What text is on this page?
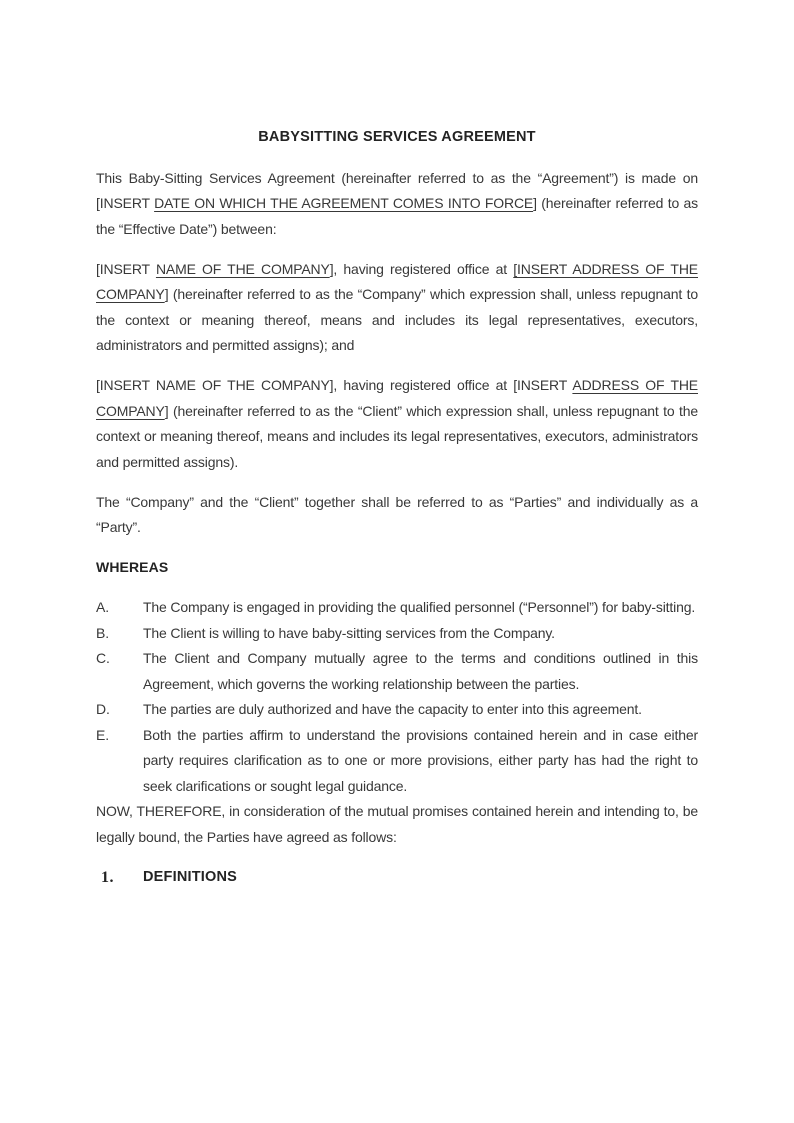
BABYSITTING SERVICES AGREEMENT

This Baby-Sitting Services Agreement (hereinafter referred to as the “Agreement”) is made on [INSERT DATE ON WHICH THE AGREEMENT COMES INTO FORCE] (hereinafter referred to as the “Effective Date”) between:

[INSERT NAME OF THE COMPANY], having registered office at [INSERT ADDRESS OF THE COMPANY] (hereinafter referred to as the “Company” which expression shall, unless repugnant to the context or meaning thereof, means and includes its legal representatives, executors, administrators and permitted assigns); and

[INSERT NAME OF THE COMPANY], having registered office at [INSERT ADDRESS OF THE COMPANY] (hereinafter referred to as the “Client” which expression shall, unless repugnant to the context or meaning thereof, means and includes its legal representatives, executors, administrators and permitted assigns).

The “Company” and the “Client” together shall be referred to as “Parties” and individually as a “Party”.

WHEREAS
A.	The Company is engaged in providing the qualified personnel (“Personnel”) for baby-sitting.
B.	The Client is willing to have baby-sitting services from the Company.
C.	The Client and Company mutually agree to the terms and conditions outlined in this Agreement, which governs the working relationship between the parties.
D.	The parties are duly authorized and have the capacity to enter into this agreement.
E.	Both the parties affirm to understand the provisions contained herein and in case either party requires clarification as to one or more provisions, either party has had the right to seek clarifications or sought legal guidance.

NOW, THEREFORE, in consideration of the mutual promises contained herein and intending to, be legally bound, the Parties have agreed as follows:

1.	DEFINITIONS
